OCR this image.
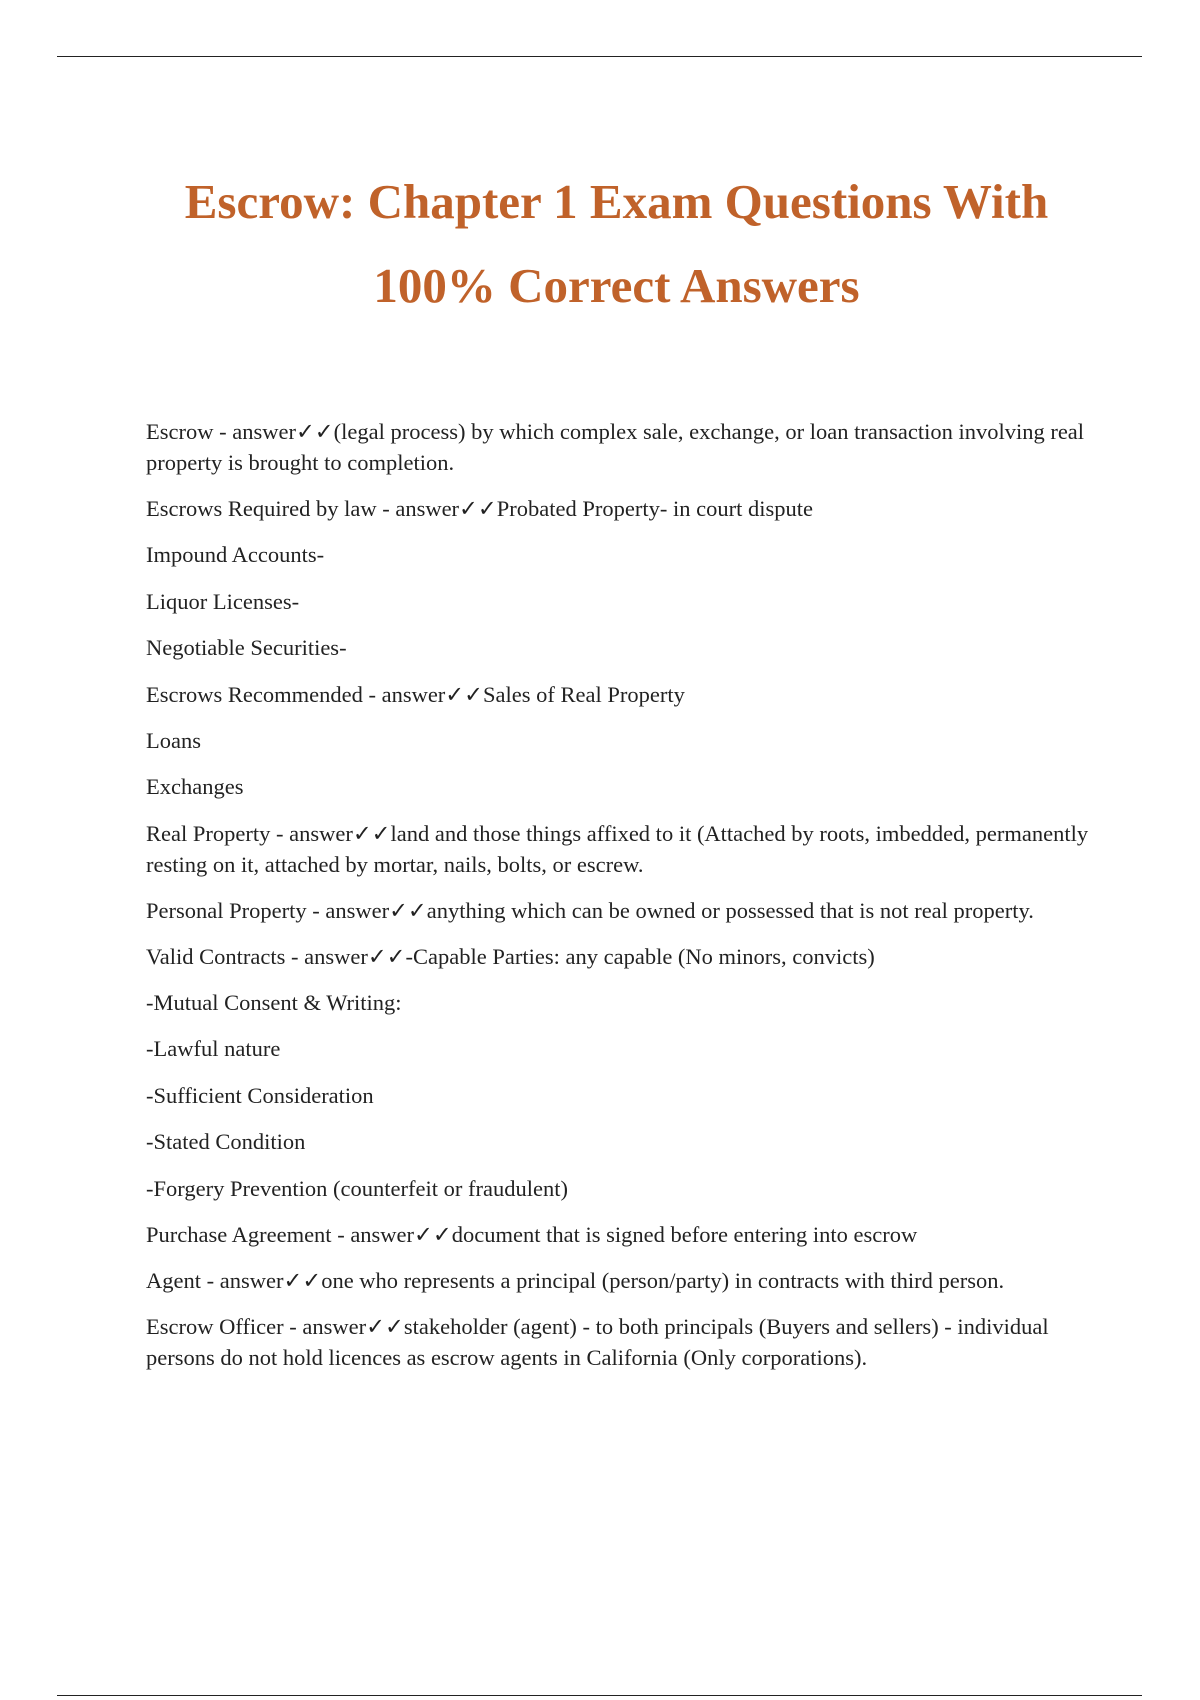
Escrow: Chapter 1 Exam Questions With
100% Correct Answers

Escrow - answer✓✓(legal process) by which complex sale, exchange, or loan transaction involving real property is brought to completion.

Escrows Required by law - answer✓✓Probated Property- in court dispute

Impound Accounts-

Liquor Licenses-

Negotiable Securities-

Escrows Recommended - answer✓✓Sales of Real Property

Loans

Exchanges

Real Property - answer✓✓land and those things affixed to it (Attached by roots, imbedded, permanently resting on it, attached by mortar, nails, bolts, or escrew.

Personal Property - answer✓✓anything which can be owned or possessed that is not real property.

Valid Contracts - answer✓✓-Capable Parties: any capable (No minors, convicts)

-Mutual Consent & Writing:

-Lawful nature

-Sufficient Consideration

-Stated Condition

-Forgery Prevention (counterfeit or fraudulent)

Purchase Agreement - answer✓✓document that is signed before entering into escrow

Agent - answer✓✓one who represents a principal (person/party) in contracts with third person.

Escrow Officer - answer✓✓stakeholder (agent) - to both principals (Buyers and sellers) - individual persons do not hold licences as escrow agents in California (Only corporations).
